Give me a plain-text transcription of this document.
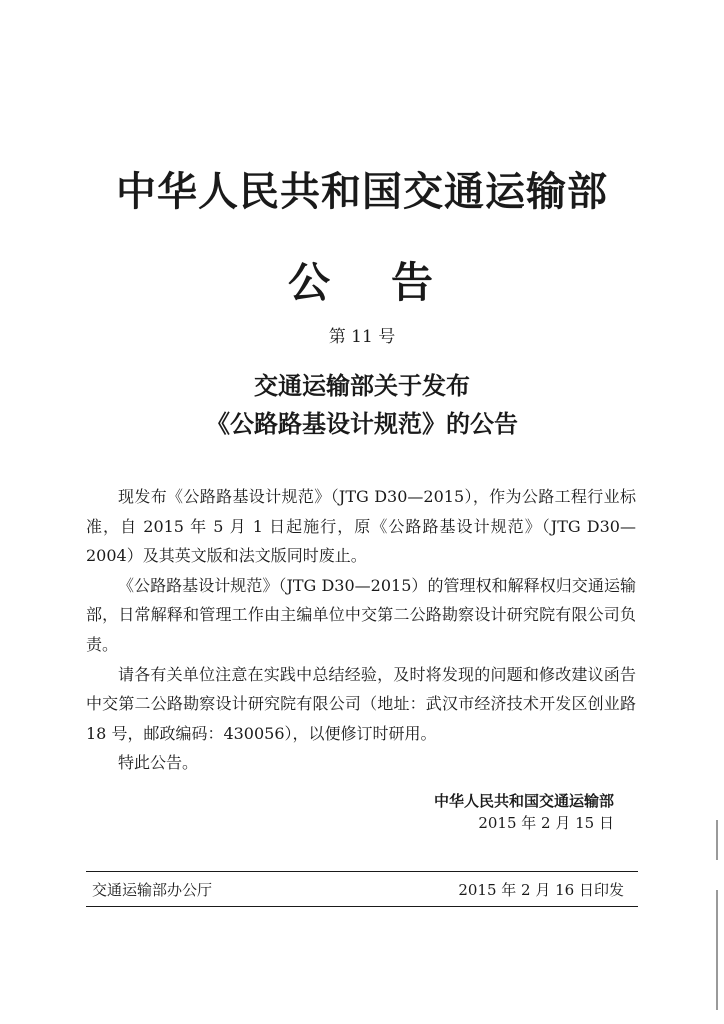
中华人民共和国交通运输部
公 告
第 11 号
交通运输部关于发布
《公路路基设计规范》的公告

现发布《公路路基设计规范》（JTG D30—2015），作为公路工程行业标准，自 2015 年 5 月 1 日起施行，原《公路路基设计规范》（JTG D30—2004）及其英文版和法文版同时废止。

《公路路基设计规范》（JTG D30—2015）的管理权和解释权归交通运输部，日常解释和管理工作由主编单位中交第二公路勘察设计研究院有限公司负责。

请各有关单位注意在实践中总结经验，及时将发现的问题和修改建议函告中交第二公路勘察设计研究院有限公司（地址：武汉市经济技术开发区创业路 18 号，邮政编码：430056），以便修订时研用。

特此公告。

中华人民共和国交通运输部
2015 年 2 月 15 日
交通运输部办公厅	2015 年 2 月 16 日印发
